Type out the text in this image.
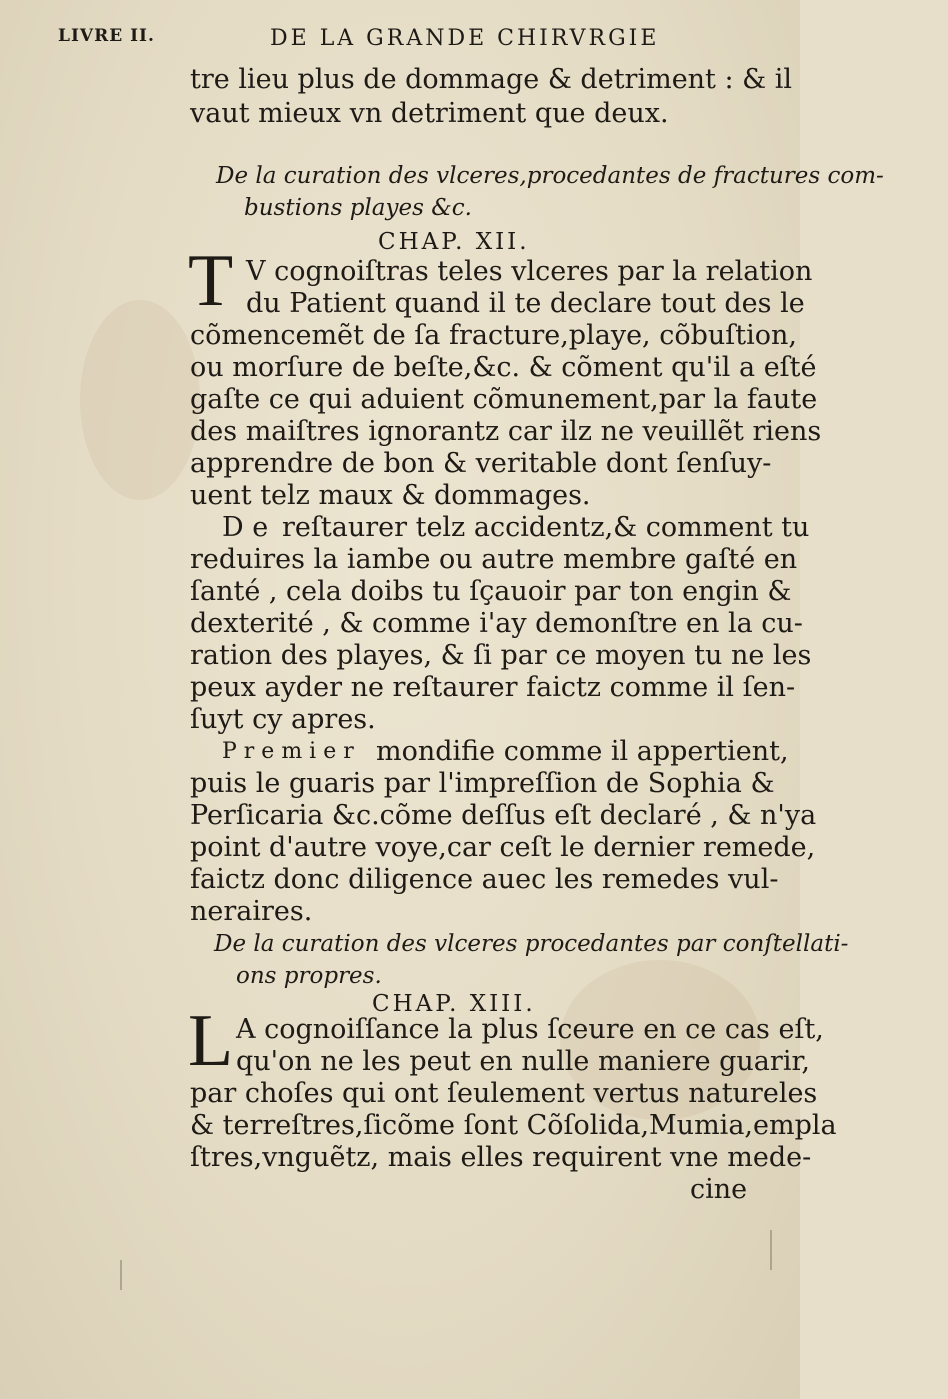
LIVRE II.	DE LA GRANDE CHIRVRGIE
tre lieu plus de dommage & detriment : & il
vaut mieux vn detriment que deux.
De la curation des vlceres,procedantes de fractures com-
bustions playes &c.
CHAP. XII.
T V cognoiſtras teles vlceres par la relation
du Patient quand il te declare tout des le
cõmencemẽt de ſa fracture,playe, cõbuſtion,
ou morſure de beſte,&c. & cõment qu'il a eſté
gaſte ce qui aduient cõmunement,par la faute
des maiſtres ignorantz car ilz ne veuillẽt riens
apprendre de bon & veritable dont ſenſuy-
uent telz maux & dommages.
D e reſtaurer telz accidentz,& comment tu
reduires la iambe ou autre membre gaſté en
ſanté , cela doibs tu ſçauoir par ton engin &
dexterité , & comme i'ay demonſtre en la cu-
ration des playes, & ſi par ce moyen tu ne les
peux ayder ne reſtaurer faictz comme il ſen-
ſuyt cy apres.
P r e m i e r mondifie comme il appertient,
puis le guaris par l'impreſſion de Sophia &
Perſicaria &c.cõme deſſus eſt declaré , & n'ya
point d'autre voye,car ceſt le dernier remede,
faictz donc diligence auec les remedes vul-
neraires.
De la curation des vlceres procedantes par conſtellati-
ons propres.
CHAP. XIII.
L A cognoiſſance la plus ſceure en ce cas eſt,
qu'on ne les peut en nulle maniere guarir,
par choſes qui ont ſeulement vertus natureles
& terreſtres,ſicõme ſont Cõſolida,Mumia,empla
ſtres,vnguẽtz, mais elles requirent vne mede-
cine
